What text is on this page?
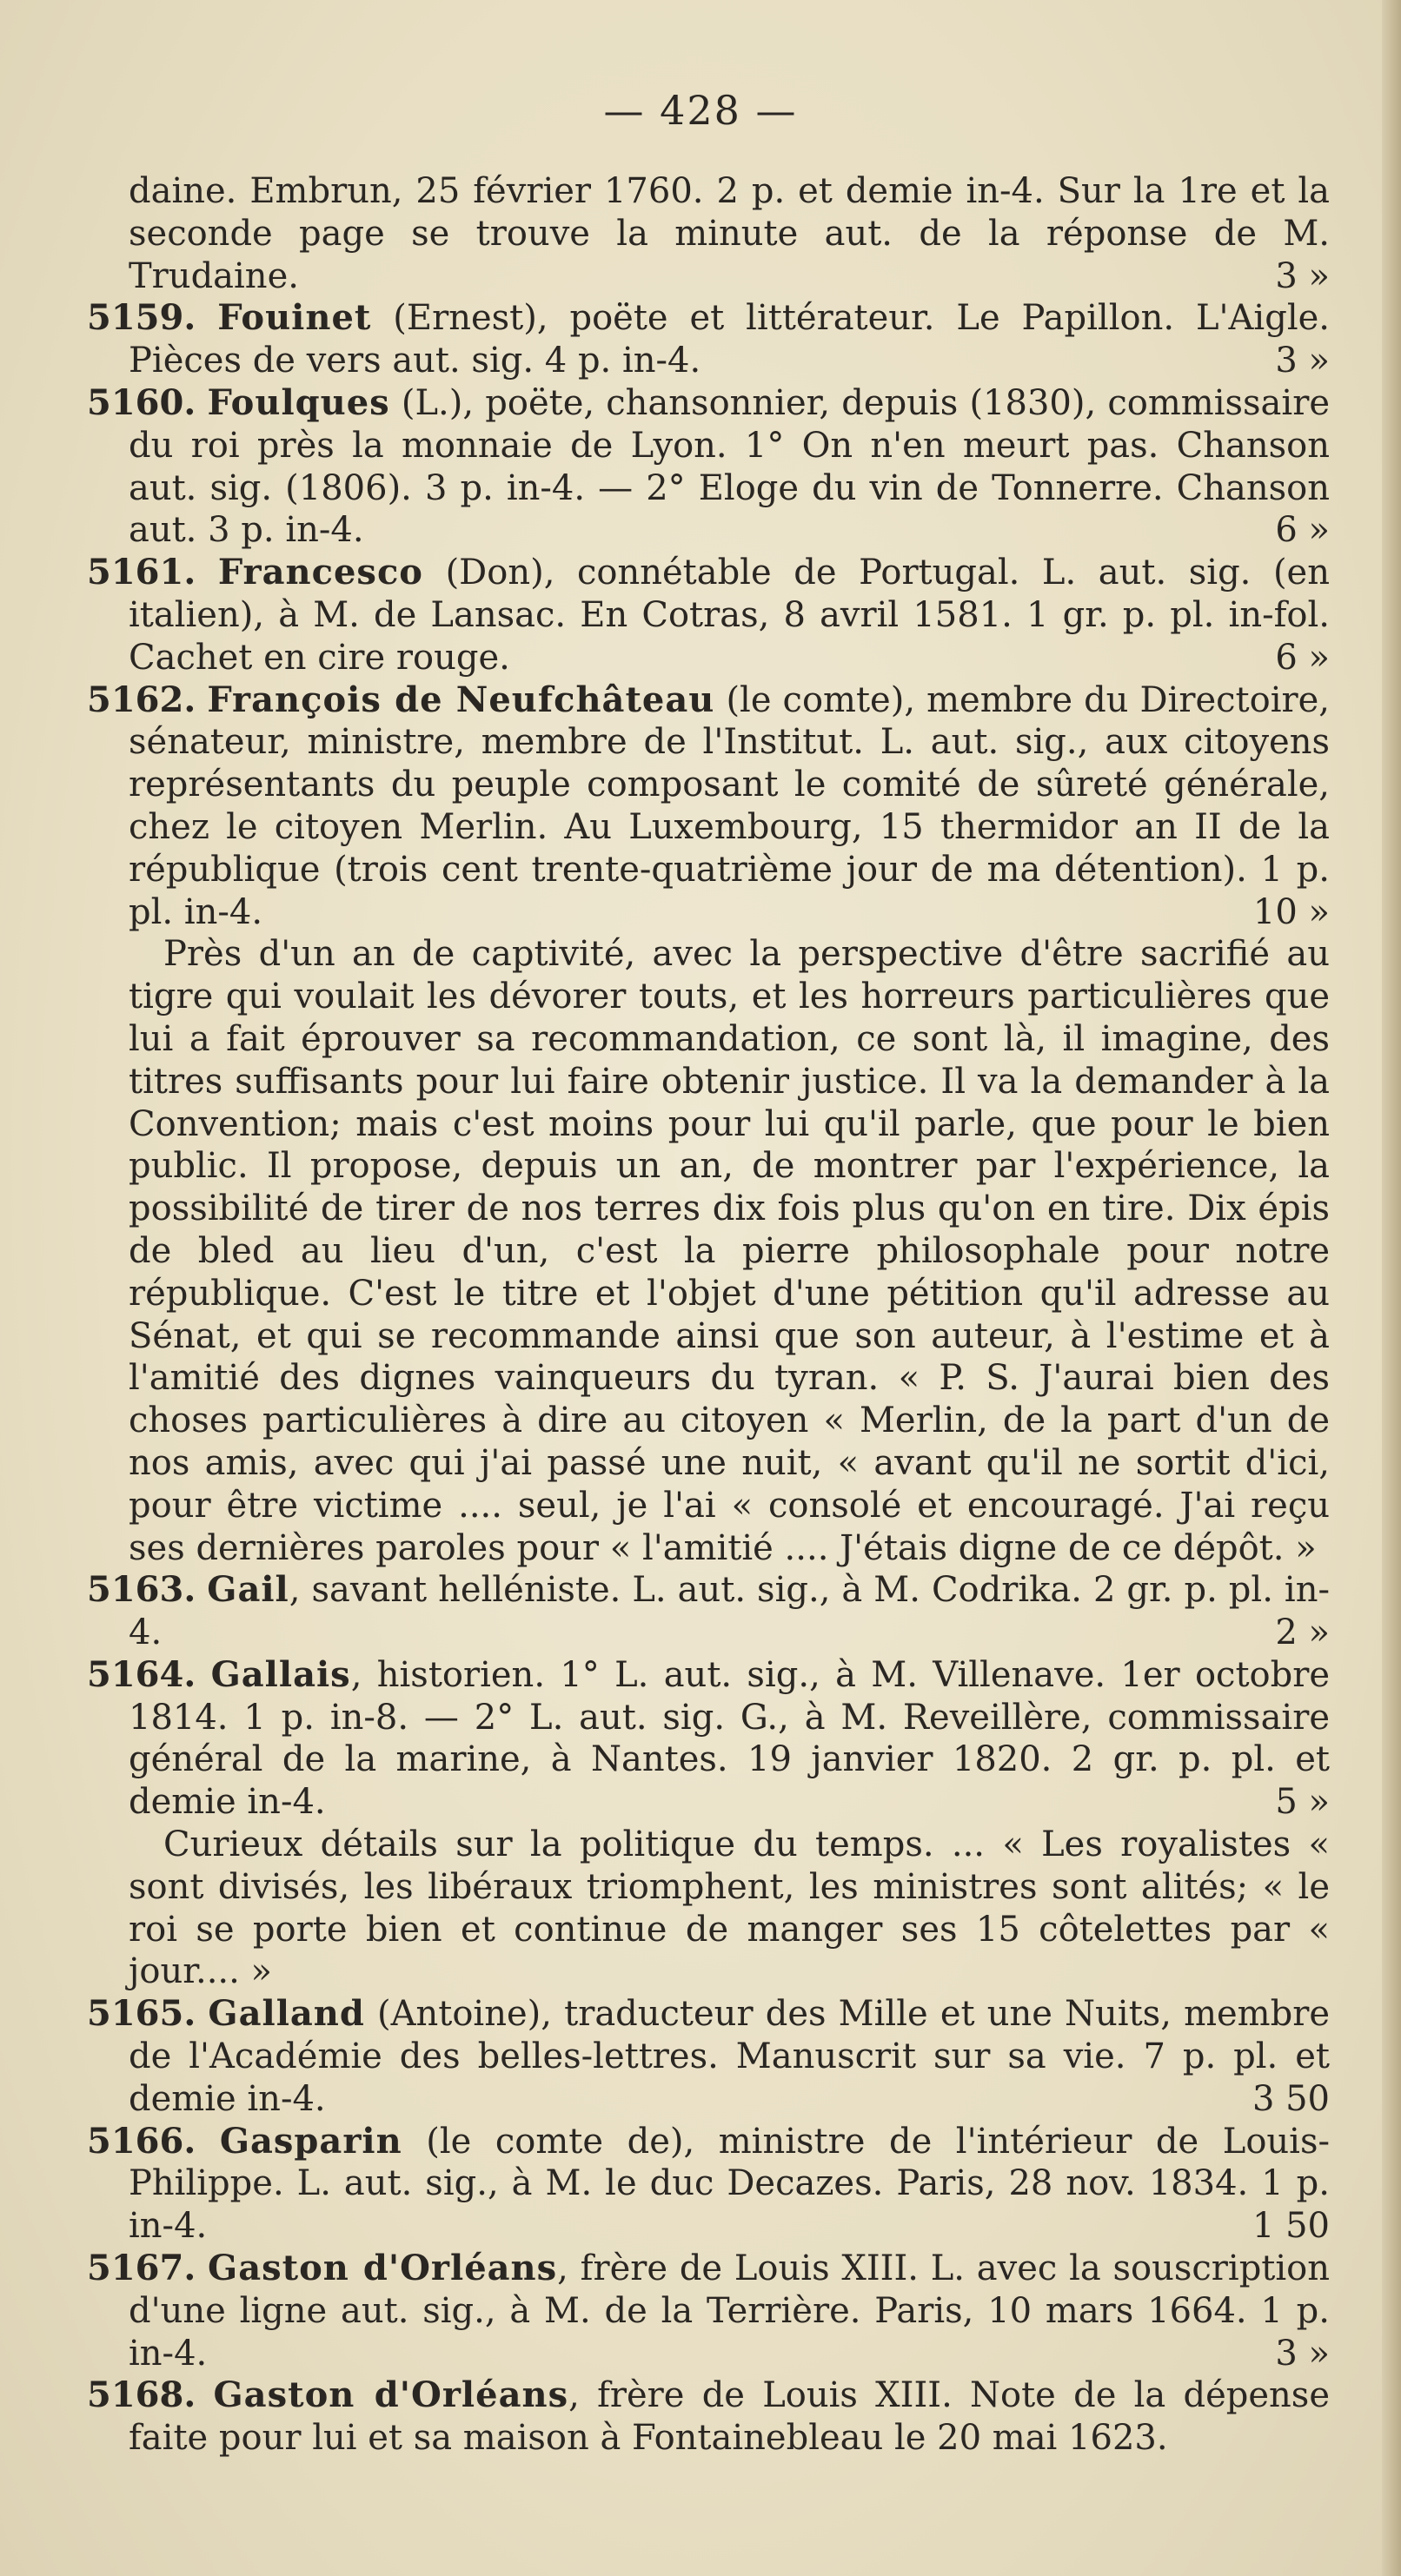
— 428 —

daine. Embrun, 25 février 1760. 2 p. et demie in-4. Sur la 1re et la seconde page se trouve la minute aut. de la réponse de M. Trudaine.	3 »

5159. Fouinet (Ernest), poëte et littérateur. Le Papillon. L'Aigle. Pièces de vers aut. sig. 4 p. in-4.	3 »

5160. Foulques (L.), poëte, chansonnier, depuis (1830), commissaire du roi près la monnaie de Lyon. 1° On n'en meurt pas. Chanson aut. sig. (1806). 3 p. in-4. — 2° Eloge du vin de Tonnerre. Chanson aut. 3 p. in-4.	6 »

5161. Francesco (Don), connétable de Portugal. L. aut. sig. (en italien), à M. de Lansac. En Cotras, 8 avril 1581. 1 gr. p. pl. in-fol. Cachet en cire rouge.	6 »

5162. François de Neufchâteau (le comte), membre du Directoire, sénateur, ministre, membre de l'Institut. L. aut. sig., aux citoyens représentants du peuple composant le comité de sûreté générale, chez le citoyen Merlin. Au Luxembourg, 15 thermidor an II de la république (trois cent trente-quatrième jour de ma détention). 1 p. pl. in-4.	10 »

Près d'un an de captivité, avec la perspective d'être sacrifié au tigre qui voulait les dévorer touts, et les horreurs particulières que lui a fait éprouver sa recommandation, ce sont là, il imagine, des titres suffisants pour lui faire obtenir justice. Il va la demander à la Convention; mais c'est moins pour lui qu'il parle, que pour le bien public. Il propose, depuis un an, de montrer par l'expérience, la possibilité de tirer de nos terres dix fois plus qu'on en tire. Dix épis de bled au lieu d'un, c'est la pierre philosophale pour notre république. C'est le titre et l'objet d'une pétition qu'il adresse au Sénat, et qui se recommande ainsi que son auteur, à l'estime et à l'amitié des dignes vainqueurs du tyran. « P. S. J'aurai bien des choses particulières à dire au citoyen « Merlin, de la part d'un de nos amis, avec qui j'ai passé une nuit, « avant qu'il ne sortit d'ici, pour être victime .... seul, je l'ai « consolé et encouragé. J'ai reçu ses dernières paroles pour « l'amitié .... J'étais digne de ce dépôt. »

5163. Gail, savant helléniste. L. aut. sig., à M. Codrika. 2 gr. p. pl. in-4.	2 »

5164. Gallais, historien. 1° L. aut. sig., à M. Villenave. 1er octobre 1814. 1 p. in-8. — 2° L. aut. sig. G., à M. Reveillère, commissaire général de la marine, à Nantes. 19 janvier 1820. 2 gr. p. pl. et demie in-4.	5 »

Curieux détails sur la politique du temps. ... « Les royalistes « sont divisés, les libéraux triomphent, les ministres sont alités; « le roi se porte bien et continue de manger ses 15 côtelettes par « jour.... »

5165. Galland (Antoine), traducteur des Mille et une Nuits, membre de l'Académie des belles-lettres. Manuscrit sur sa vie. 7 p. pl. et demie in-4.	3 50

5166. Gasparin (le comte de), ministre de l'intérieur de Louis-Philippe. L. aut. sig., à M. le duc Decazes. Paris, 28 nov. 1834. 1 p. in-4.	1 50

5167. Gaston d'Orléans, frère de Louis XIII. L. avec la souscription d'une ligne aut. sig., à M. de la Terrière. Paris, 10 mars 1664. 1 p. in-4.	3 »

5168. Gaston d'Orléans, frère de Louis XIII. Note de la dépense faite pour lui et sa maison à Fontainebleau le 20 mai 1623.
